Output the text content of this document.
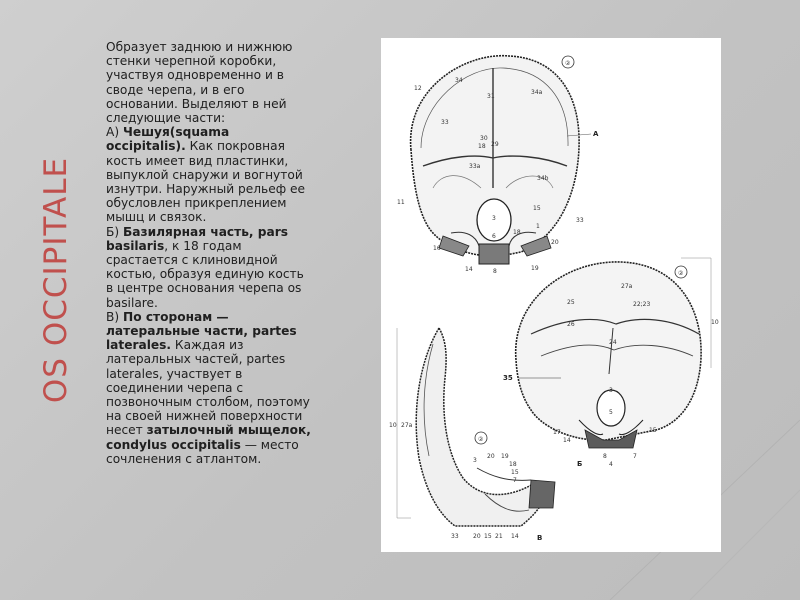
OS OCCIPITALE

Образует заднюю и нижнюю стенки черепной коробки, участвуя одновременно и в своде черепа, и в его основании. Выделяют в ней следующие части:

А) Чешуя(squama occipitalis). Как покровная кость имеет вид пластинки, выпуклой снаружи и вогнутой изнутри. Наружный рельеф ее обусловлен прикреплением мышц и связок.

Б) Базилярная часть, pars basilaris, к 18 годам срастается с клиновидной костью, образуя единую кость в центре основания черепа os basilare.

В) По сторонам — латеральные части, partes laterales. Каждая из латеральных частей, partes laterales, участвует в соединении черепа с позвоночным столбом, поэтому на своей нижней поверхности несет затылочный мыщелок, condylus occipitalis — место сочленения с атлантом.

②
12
34
31
34a
33
30
18 29
33a
34b
11
3
15
1
33
16
6
18
20
14	8	19
А
②
27a
25	22;23
10
26
24
35
3
5
17
14
8
15
4
7
Б
10 27a
②
3
20 19
18
15
7
33 20 15 21 14	В
